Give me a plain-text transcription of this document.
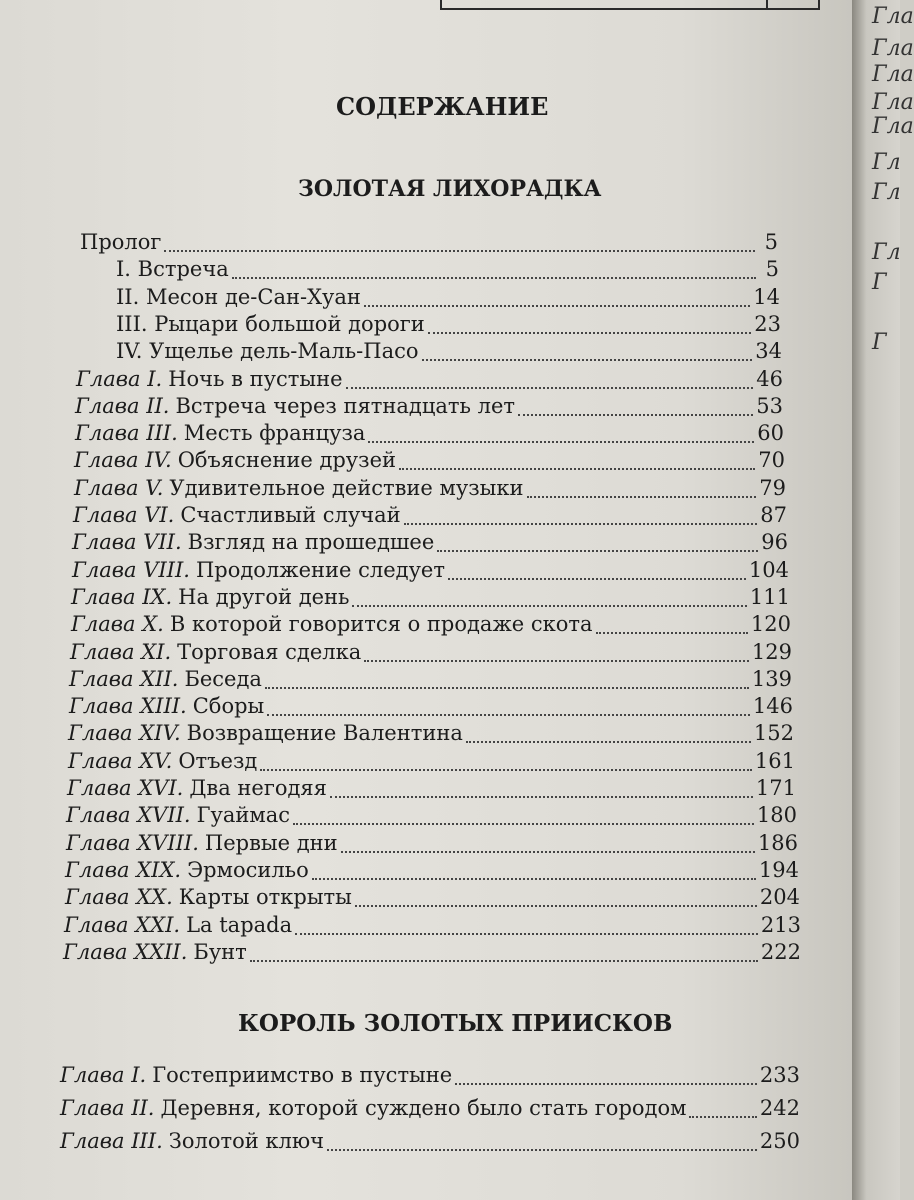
СОДЕРЖАНИЕ
ЗОЛОТАЯ ЛИХОРАДКА
Пролог	5
I. Встреча	5
II. Месон де-Сан-Хуан	14
III. Рыцари большой дороги	23
IV. Ущелье дель-Маль-Пасо	34
Глава I. Ночь в пустыне	46
Глава II. Встреча через пятнадцать лет	53
Глава III. Месть француза	60
Глава IV. Объяснение друзей	70
Глава V. Удивительное действие музыки	79
Глава VI. Счастливый случай	87
Глава VII. Взгляд на прошедшее	96
Глава VIII. Продолжение следует	104
Глава IX. На другой день	111
Глава X. В которой говорится о продаже скота	120
Глава XI. Торговая сделка	129
Глава XII. Беседа	139
Глава XIII. Сборы	146
Глава XIV. Возвращение Валентина	152
Глава XV. Отъезд	161
Глава XVI. Два негодяя	171
Глава XVII. Гуаймас	180
Глава XVIII. Первые дни	186
Глава XIX. Эрмосильо	194
Глава XX. Карты открыты	204
Глава XXI. La tapada	213
Глава XXII. Бунт	222
КОРОЛЬ ЗОЛОТЫХ ПРИИСКОВ
Глава I. Гостеприимство в пустыне	233
Глава II. Деревня, которой суждено было стать городом	242
Глава III. Золотой ключ	250
Гла
Гла
Гла
Гла
Гла
Гл
Гл
Гл
Г
Г
